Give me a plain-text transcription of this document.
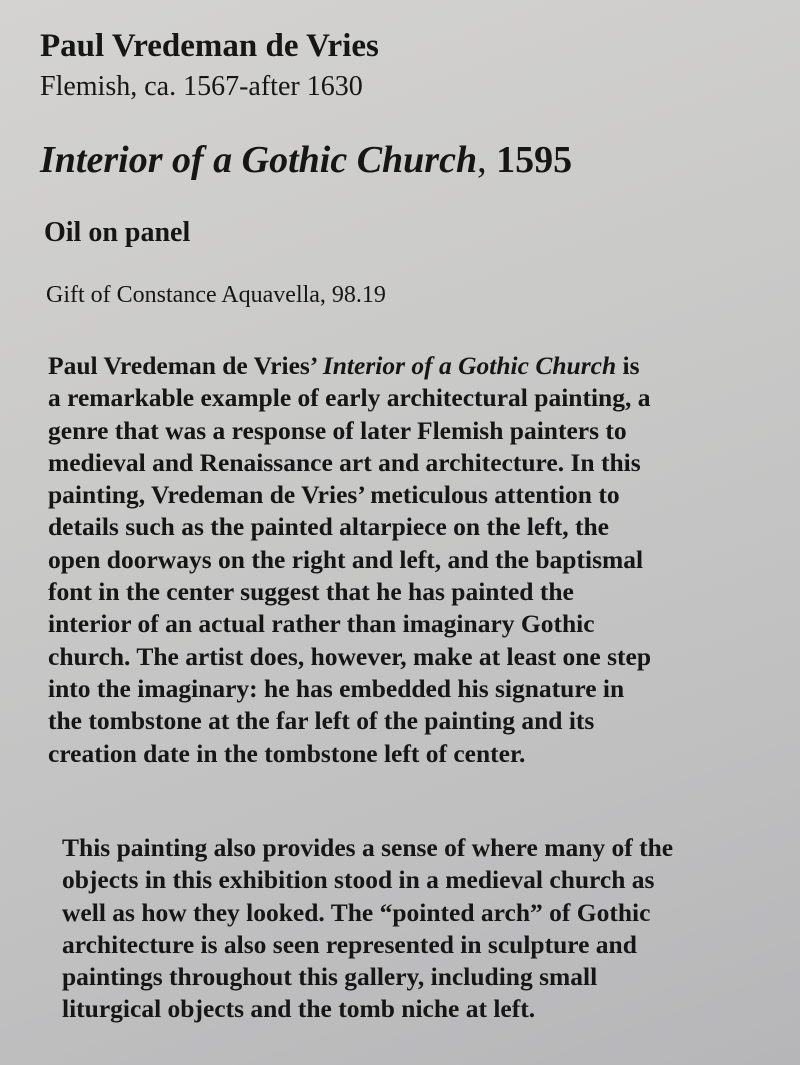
Paul Vredeman de Vries
Flemish, ca. 1567-after 1630
Interior of a Gothic Church, 1595
Oil on panel
Gift of Constance Aquavella, 98.19

Paul Vredeman de Vries’ Interior of a Gothic Church is
a remarkable example of early architectural painting, a
genre that was a response of later Flemish painters to
medieval and Renaissance art and architecture. In this
painting, Vredeman de Vries’ meticulous attention to
details such as the painted altarpiece on the left, the
open doorways on the right and left, and the baptismal
font in the center suggest that he has painted the
interior of an actual rather than imaginary Gothic
church. The artist does, however, make at least one step
into the imaginary: he has embedded his signature in
the tombstone at the far left of the painting and its
creation date in the tombstone left of center.

This painting also provides a sense of where many of the
objects in this exhibition stood in a medieval church as
well as how they looked. The “pointed arch” of Gothic
architecture is also seen represented in sculpture and
paintings throughout this gallery, including small
liturgical objects and the tomb niche at left.
